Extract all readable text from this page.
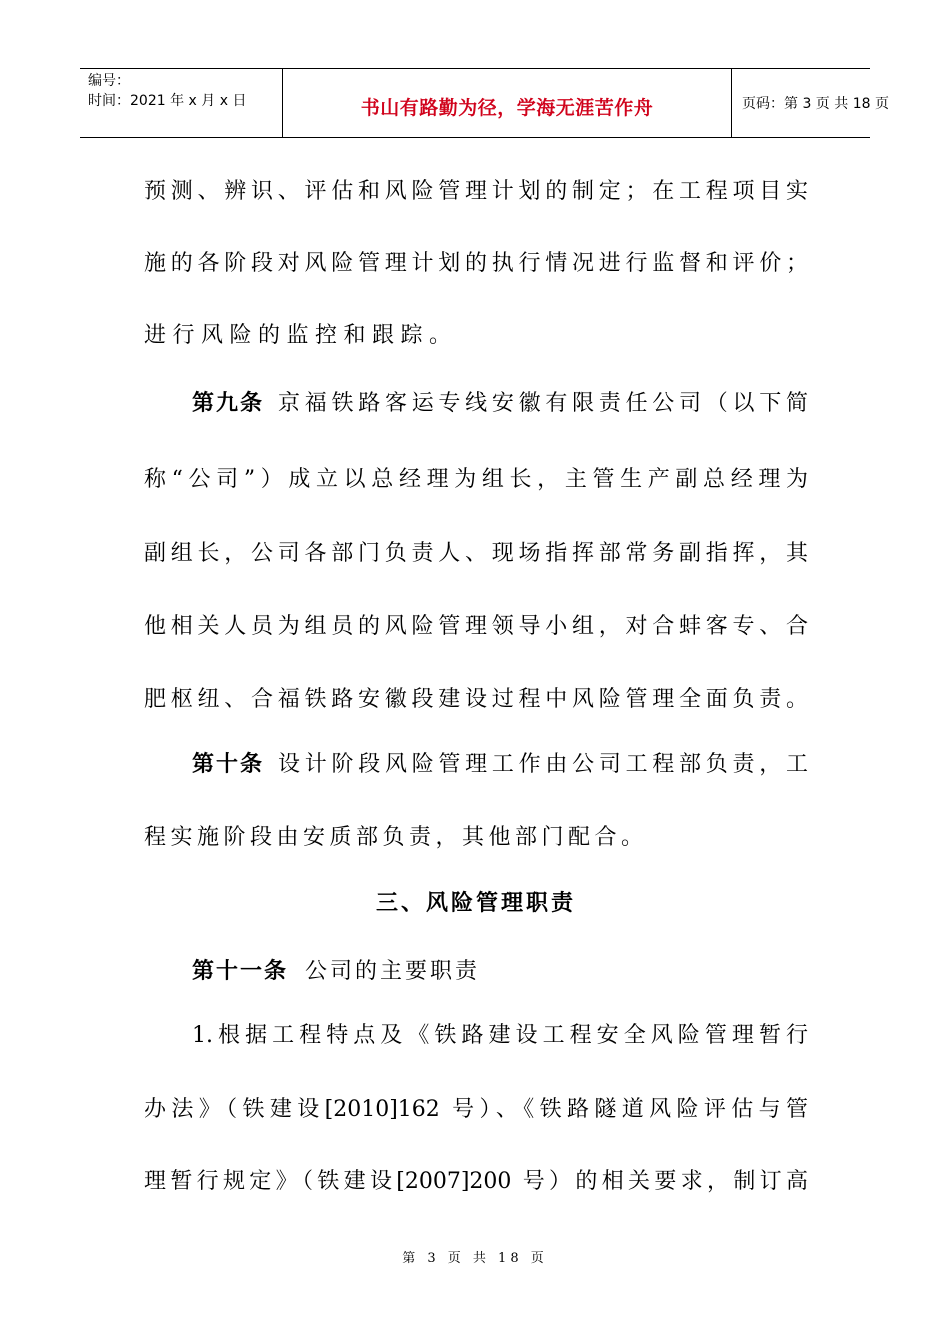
编号：
时间：2021 年 x 月 x 日	书山有路勤为径，学海无涯苦作舟	页码：第 3 页 共 18 页
预测、辨识、评估和风险管理计划的制定；在工程项目实
施的各阶段对风险管理计划的执行情况进行监督和评价；
进行风险的监控和跟踪。
第九条 京福铁路客运专线安徽有限责任公司（以下简
称“公司”）成立以总经理为组长，主管生产副总经理为
副组长，公司各部门负责人、现场指挥部常务副指挥，其
他相关人员为组员的风险管理领导小组，对合蚌客专、合
肥枢纽、合福铁路安徽段建设过程中风险管理全面负责。
第十条 设计阶段风险管理工作由公司工程部负责，工
程实施阶段由安质部负责，其他部门配合。
三、风险管理职责
第十一条 公司的主要职责
1.根据工程特点及《铁路建设工程安全风险管理暂行
办法》（铁建设[2010]162 号）、《铁路隧道风险评估与管
理暂行规定》（铁建设[2007]200 号）的相关要求，制订高
第 3 页 共 18 页
